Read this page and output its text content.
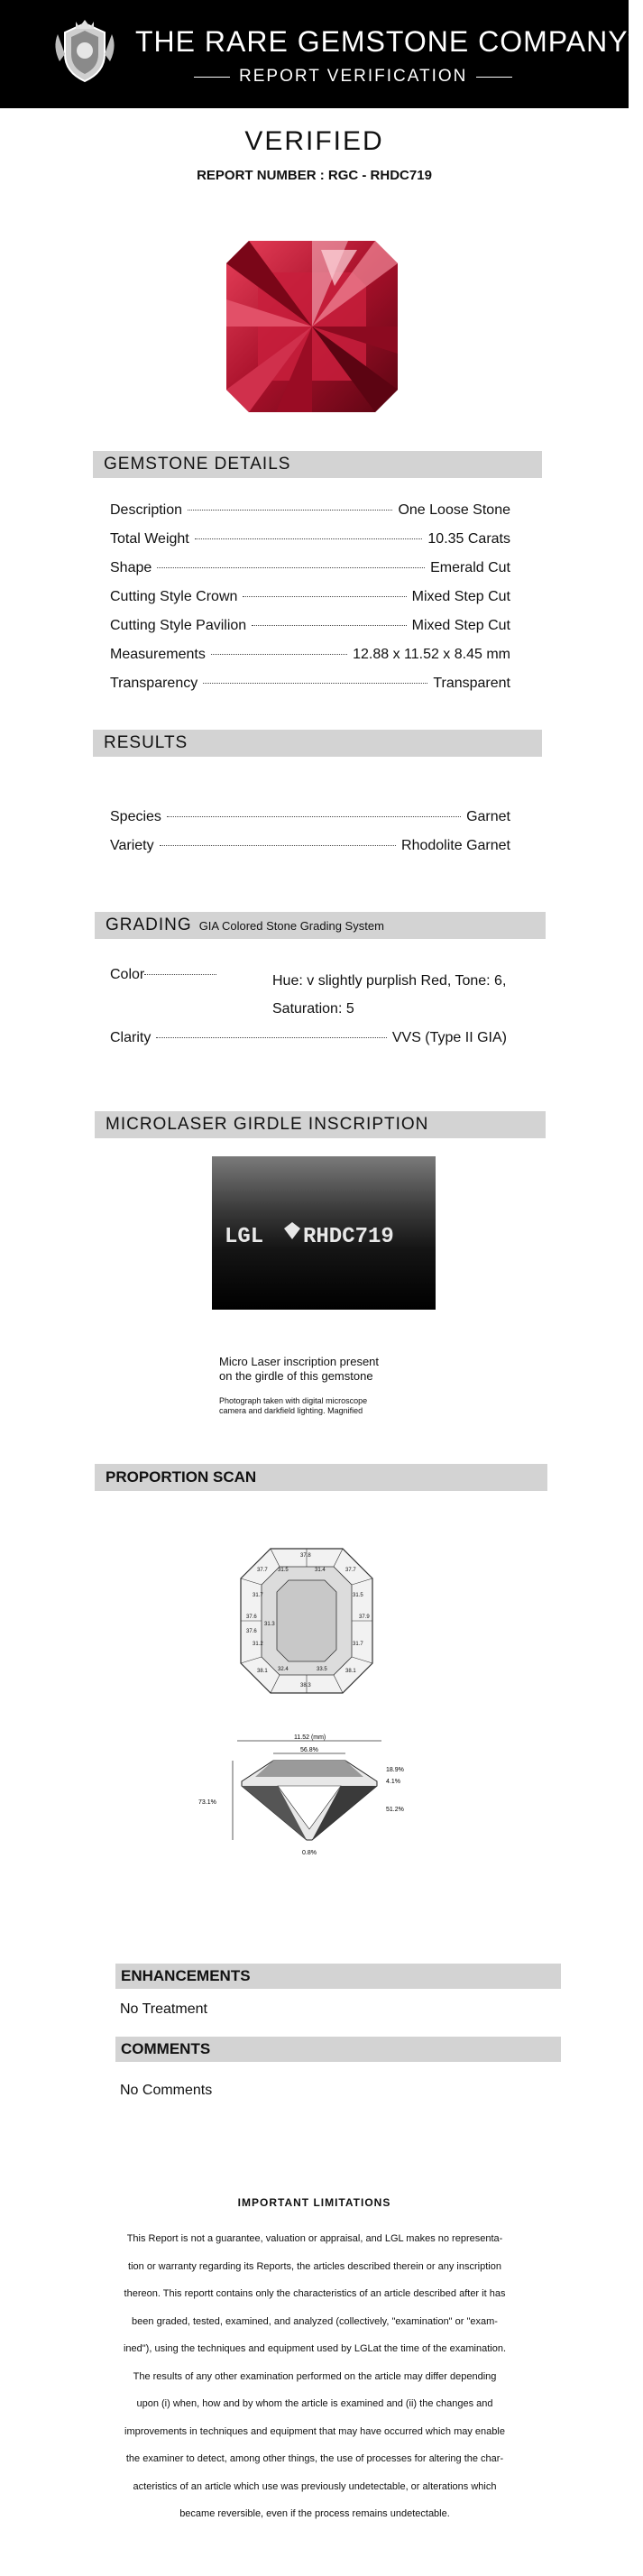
THE RARE GEMSTONE COMPANY™
REPORT VERIFICATION
VERIFIED
REPORT NUMBER : RGC - RHDC719
GEMSTONE DETAILS
Description	One Loose Stone
Total Weight	10.35 Carats
Shape	Emerald Cut
Cutting Style Crown	Mixed Step Cut
Cutting Style Pavilion	Mixed Step Cut
Measurements	12.88 x 11.52 x 8.45 mm
Transparency	Transparent
RESULTS
Species	Garnet
Variety	Rhodolite Garnet
GRADING GIA Colored Stone Grading System
Color	Hue: v slightly purplish Red, Tone: 6, Saturation: 5
Clarity	VVS (Type II GIA)
MICROLASER GIRDLE INSCRIPTION
LGL RHDC719
Micro Laser inscription present
on the girdle of this gemstone
Photograph taken with digital microscope
camera and darkfield lighting. Magnified
PROPORTION SCAN
37.8
37.7 31.5	31.4	37.7
31.7	31.5
37.6
31.3
37.9
31.2
37.6
31.7
38.1 32.4	33.5	38.1
38.3
11.52 (mm)
56.8%
73.1%
18.9%
4.1%
51.2%
0.8%
ENHANCEMENTS
No Treatment
COMMENTS
No Comments
IMPORTANT LIMITATIONS
This Report is not a guarantee, valuation or appraisal, and LGL makes no representa-
tion or warranty regarding its Reports, the articles described therein or any inscription
thereon. This reportt contains only the characteristics of an article described after it has
been graded, tested, examined, and analyzed (collectively, "examination" or "exam-
ined"), using the techniques and equipment used by LGLat the time of the examination.
The results of any other examination performed on the article may differ depending
upon (i) when, how and by whom the article is examined and (ii) the changes and
improvements in techniques and equipment that may have occurred which may enable
the examiner to detect, among other things, the use of processes for altering the char-
acteristics of an article which use was previously undetectable, or alterations which
became reversible, even if the process remains undetectable.
